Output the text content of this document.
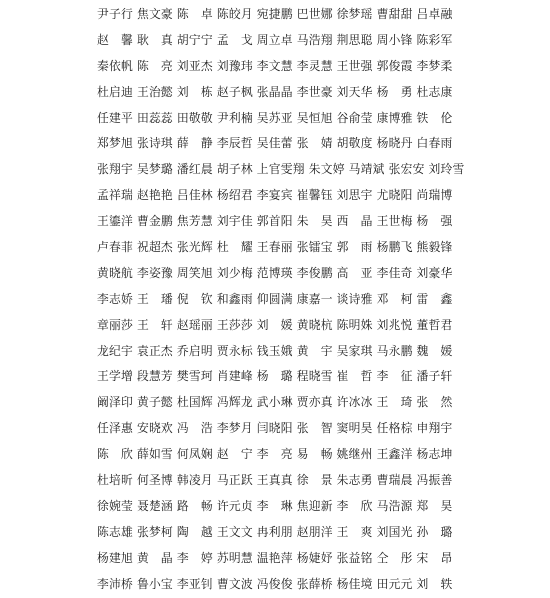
尹子行 焦文豪 陈　卓 陈皎月 宛捷鹏 巴世娜 徐梦瑶 曹甜甜 吕卓融
赵　馨 耿　真 胡宁宁 孟　戈 周立卓 马浩翔 荆思聪 周小锋 陈彩军
秦依帆 陈　亮 刘亚杰 刘豫玮 李文慧 李灵慧 王世强 郭俊霞 李梦柔
杜启迪 王治懿 刘　栋 赵子枫 张晶晶 李世豪 刘天华 杨　勇 杜志康
任建平 田蕊蕊 田敬敬 尹利楠 吴苏亚 吴恒旭 谷俞莹 康博雅 铁　伦
郑梦旭 张诗琪 薛　静 李辰哲 吴佳蕾 张　婧 胡敬度 杨晓丹 白春雨
张翔宇 吴梦璐 潘红晨 胡子林 上官雯翔 朱文婷 马靖斌 张宏安 刘玲雪
孟祥瑞 赵艳艳 吕佳林 杨绍君 李宴宾 崔馨钰 刘思宇 尤晓阳 尚瑞博
王鎏洋 曹金鹏 焦芳慧 刘宇佳 郭首阳 朱　昊 西　晶 王世梅 杨　强
卢春菲 祝超杰 张光辉 杜　耀 王春丽 张镭宝 郭　雨 杨鹏飞 熊毅锋
黄晓航 李姿豫 周笑旭 刘少梅 范博瑛 李俊鹏 高　亚 李佳奇 刘豪华
李志娇 王　璠 倪　钦 和鑫雨 仰圆满 康嘉一 谈诗雅 邓　柯 雷　鑫
章丽莎 王　轩 赵瑶丽 王莎莎 刘　媛 黄晓杭 陈明姝 刘兆悦 董哲君
龙纪宇 袁正杰 乔启明 贾永标 钱玉娥 黄　宇 吴家琪 马永鹏 魏　媛
王学增 段慧芳 樊雪珂 肖建峰 杨　璐 程晓雪 崔　哲 李　征 潘子轩
阚泽印 黄子懿 杜国辉 冯辉龙 武小琳 贾亦真 许冰冰 王　琦 张　然
任泽惠 安晓欢 冯　浩 李梦月 闫晓阳 张　智 窦明昊 任格棕 申翔宇
陈　欣 薛如雪 何凤娴 赵　宁 李　亮 易　畅 姚继州 王鑫洋 杨志坤
杜培昕 何圣博 韩凌月 马正跃 王真真 徐　景 朱志勇 曹瑞晨 冯振善
徐婉莹 聂楚涵 路　畅 许元贞 李　琳 焦迎新 李　欣 马浩源 郑　昊
陈志雄 张梦柯 陶　越 王文文 冉利朋 赵朋洋 王　爽 刘国光 孙　璐
杨建旭 黄　晶 李　婷 苏明慧 温艳萍 杨婕妤 张益铭 仝　彤 宋　昂
李沛桥 鲁小宝 李亚钊 曹文波 冯俊俊 张薛桥 杨佳境 田元元 刘　轶
